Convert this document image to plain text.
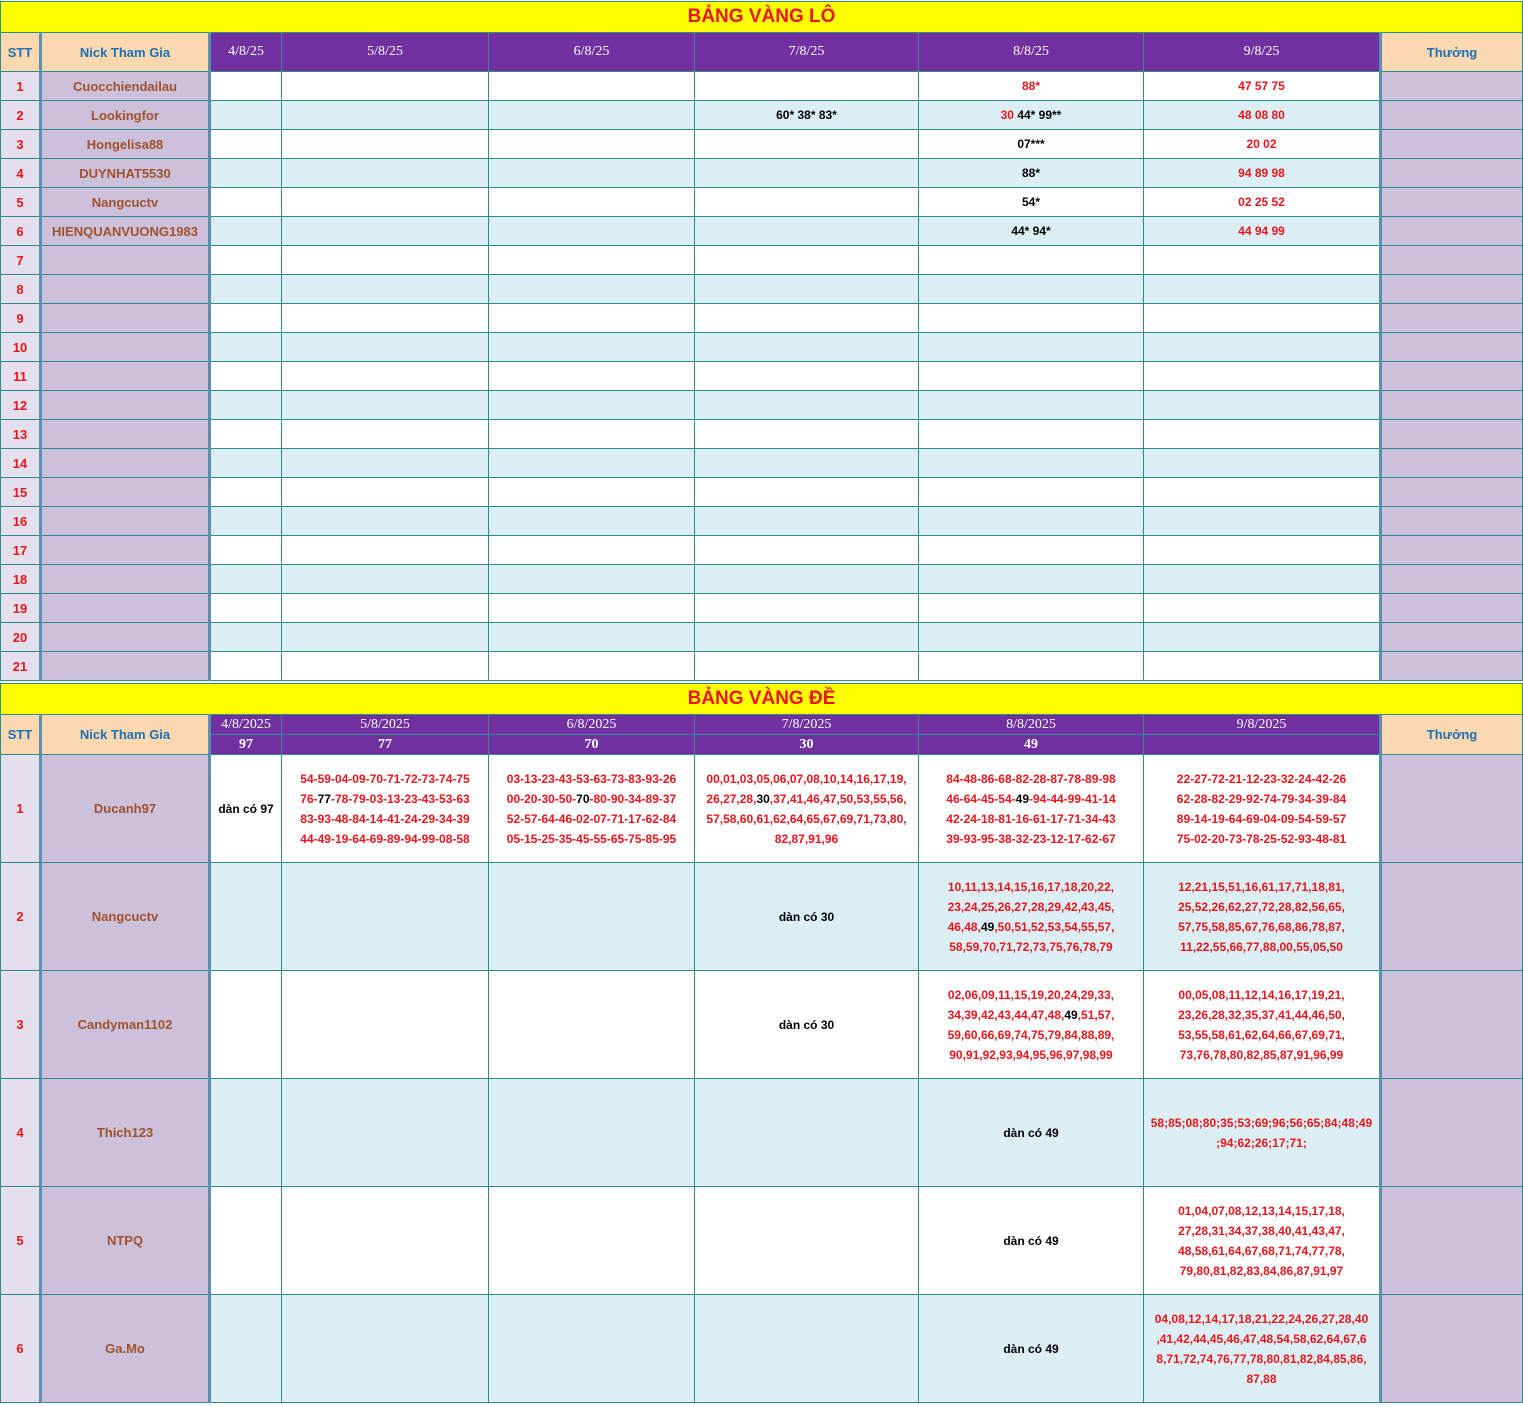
BẢNG VÀNG LÔ								
STT	Nick Tham Gia	4/8/25	5/8/25	6/8/25	7/8/25	8/8/25	9/8/25	Thưởng
1	Cuocchiendailau					88*	47 57 75	
2	Lookingfor				60* 38* 83*	30 44* 99**	48 08 80	
3	Hongelisa88					07***	20 02	
4	DUYNHAT5530					88*	94 89 98	
5	Nangcuctv					54*	02 25 52	
6	HIENQUANVUONG1983					44* 94*	44 94 99	
7								
8								
9								
10								
11								
12								
13								
14								
15								
16								
17								
18								
19								
20								
21								
BẢNG VÀNG ĐỀ								
STT	Nick Tham Gia	4/8/2025	5/8/2025	6/8/2025	7/8/2025	8/8/2025	9/8/2025	Thưởng
		97	77	70	30	49		
1	Ducanh97	dàn có 97	54-59-04-09-70-71-72-73-74-75
76-77-78-79-03-13-23-43-53-63
83-93-48-84-14-41-24-29-34-39
44-49-19-64-69-89-94-99-08-58	03-13-23-43-53-63-73-83-93-26
00-20-30-50-70-80-90-34-89-37
52-57-64-46-02-07-71-17-62-84
05-15-25-35-45-55-65-75-85-95	00,01,03,05,06,07,08,10,14,16,17,19,
26,27,28,30,37,41,46,47,50,53,55,56,
57,58,60,61,62,64,65,67,69,71,73,80,
82,87,91,96	84-48-86-68-82-28-87-78-89-98
46-64-45-54-49-94-44-99-41-14
42-24-18-81-16-61-17-71-34-43
39-93-95-38-32-23-12-17-62-67	22-27-72-21-12-23-32-24-42-26
62-28-82-29-92-74-79-34-39-84
89-14-19-64-69-04-09-54-59-57
75-02-20-73-78-25-52-93-48-81	
2	Nangcuctv				dàn có 30	10,11,13,14,15,16,17,18,20,22,
23,24,25,26,27,28,29,42,43,45,
46,48,49,50,51,52,53,54,55,57,
58,59,70,71,72,73,75,76,78,79	12,21,15,51,16,61,17,71,18,81,
25,52,26,62,27,72,28,82,56,65,
57,75,58,85,67,76,68,86,78,87,
11,22,55,66,77,88,00,55,05,50	
3	Candyman1102				dàn có 30	02,06,09,11,15,19,20,24,29,33,
34,39,42,43,44,47,48,49,51,57,
59,60,66,69,74,75,79,84,88,89,
90,91,92,93,94,95,96,97,98,99	00,05,08,11,12,14,16,17,19,21,
23,26,28,32,35,37,41,44,46,50,
53,55,58,61,62,64,66,67,69,71,
73,76,78,80,82,85,87,91,96,99	
4	Thich123					dàn có 49	58;85;08;80;35;53;69;96;56;65;84;48;49
;94;62;26;17;71;	
5	NTPQ					dàn có 49	01,04,07,08,12,13,14,15,17,18,
27,28,31,34,37,38,40,41,43,47,
48,58,61,64,67,68,71,74,77,78,
79,80,81,82,83,84,86,87,91,97	
6	Ga.Mo					dàn có 49	04,08,12,14,17,18,21,22,24,26,27,28,40
,41,42,44,45,46,47,48,54,58,62,64,67,6
8,71,72,74,76,77,78,80,81,82,84,85,86,
87,88	
